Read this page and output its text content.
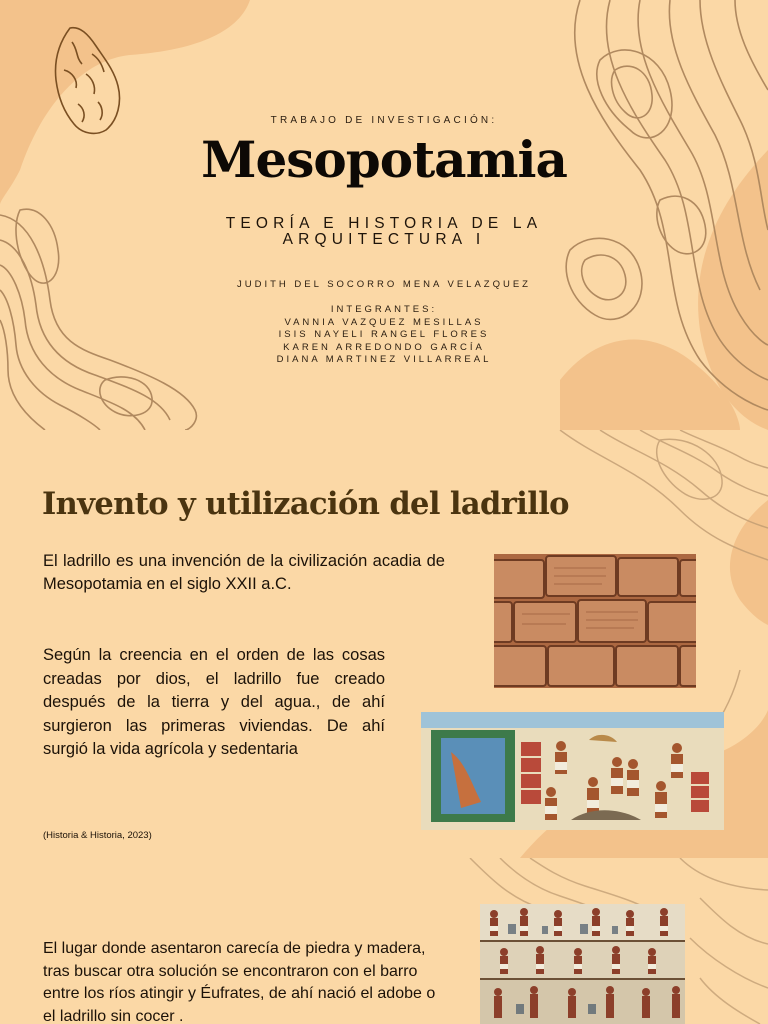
TRABAJO DE INVESTIGACIÓN:
Mesopotamia
TEORÍA E HISTORIA DE LA
ARQUITECTURA I
JUDITH DEL SOCORRO MENA VELAZQUEZ
INTEGRANTES:
VANNIA VAZQUEZ MESILLAS
ISIS NAYELI RANGEL FLORES
KAREN ARREDONDO GARCÍA
DIANA MARTINEZ VILLARREAL
Invento y utilización del ladrillo

El ladrillo es una invención de la civilización acadia de Mesopotamia en el siglo XXII a.C.

Según la creencia en el orden de las cosas creadas por dios, el ladrillo fue creado después de la tierra y del agua., de ahí surgieron las primeras viviendas. De ahí surgió la vida agrícola y sedentaria

(Historia & Historia, 2023)

El lugar donde asentaron carecía de piedra y madera, tras buscar otra solución se encontraron con el barro entre los ríos atingir y Éufrates, de ahí nació el adobe o el ladrillo sin cocer .
